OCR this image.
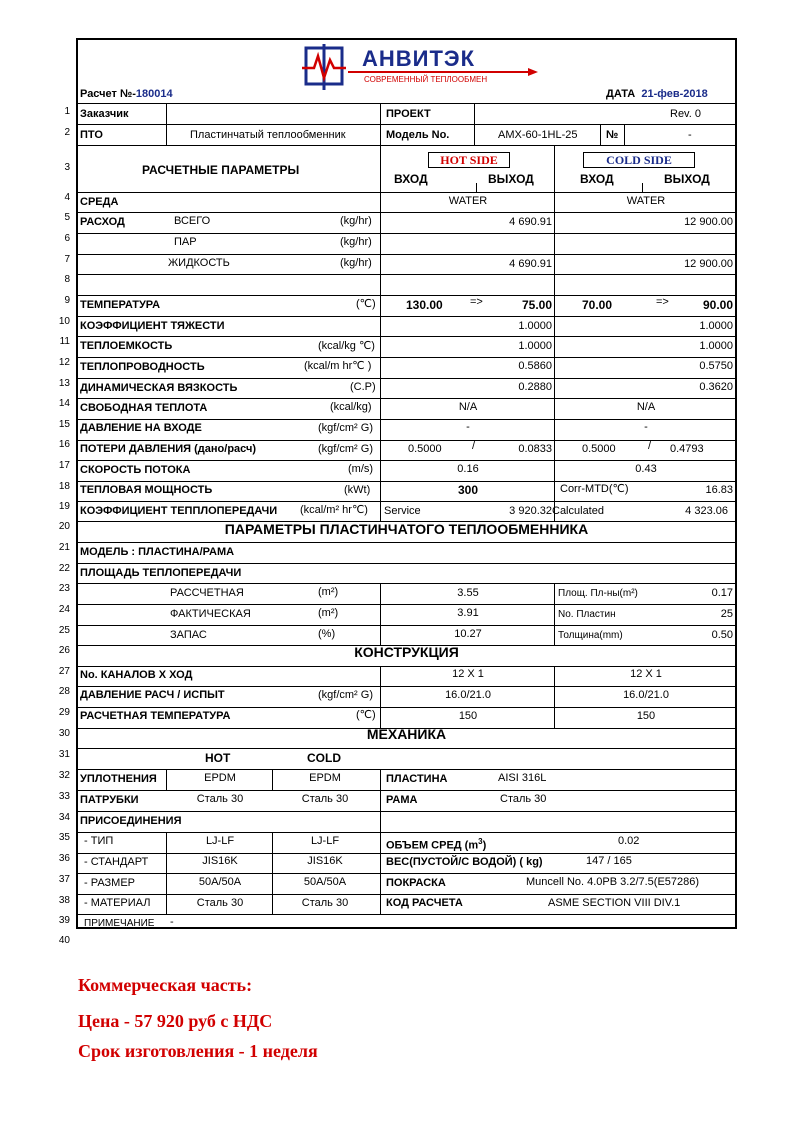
1
2
3
4
5
6
7
8
9
10
11
12
13
14
15
16
17
18
19
20
21
22
23
24
25
26
27
28
29
30
31
32
33
34
35
36
37
38
39
40
АНВИТЭК
СОВРЕМЕННЫЙ ТЕПЛООБМЕН
Расчет №-180014	ДАТА 21-фев-2018
Заказчик	ПРОЕКТ	Rev. 0
ПТО	Пластинчатый теплообменник	Модель No.	AMX-60-1HL-25	№	-
РАСЧЕТНЫЕ ПАРАМЕТРЫ
HOT SIDE	COLD SIDE
ВХОД	ВЫХОД	ВХОД	ВЫХОД
СРЕДА	WATER	WATER
РАСХОД	ВСЕГО	(kg/hr)	4 690.91	12 900.00
ПАР	(kg/hr)
ЖИДКОСТЬ	(kg/hr)	4 690.91	12 900.00
ТЕМПЕРАТУРА	(℃)	130.00 =>	75.00	70.00	=>	90.00
КОЭФФИЦИЕНТ ТЯЖЕСТИ	1.0000	1.0000
ТЕПЛОЕМКОСТЬ	(kcal/kg ℃)	1.0000	1.0000
ТЕПЛОПРОВОДНОСТЬ	(kcal/m hr℃ )	0.5860	0.5750
ДИНАМИЧЕСКАЯ ВЯЗКОСТЬ	(C.P)	0.2880	0.3620
СВОБОДНАЯ ТЕПЛОТА	(kcal/kg)	N/A	N/A
ДАВЛЕНИЕ НА ВХОДЕ	(kgf/cm² G)	-	-
ПОТЕРИ ДАВЛЕНИЯ (дано/расч)	(kgf/cm² G)	0.5000	/	0.0833	0.5000	/ 0.4793
СКОРОСТЬ ПОТОКА	(m/s)	0.16	0.43
ТЕПЛОВАЯ МОЩНОСТЬ	(kWt)	300	Corr-MTD(℃)	16.83
КОЭФФИЦИЕНТ ТЕППЛОПЕРЕДАЧИ (kcal/m² hr℃) Service	3 920.32 Calculated	4 323.06
ПАРАМЕТРЫ ПЛАСТИНЧАТОГО ТЕПЛООБМЕННИКА
МОДЕЛЬ : ПЛАСТИНА/РАМА
ПЛОЩАДЬ ТЕПЛОПЕРЕДАЧИ
РАССЧЕТНАЯ	(m²)	3.55	Площ. Пл-ны(m²)	0.17
ФАКТИЧЕСКАЯ	(m²)	3.91	No. Пластин	25
ЗАПАС	(%)	10.27	Толщина(mm)	0.50
КОНСТРУКЦИЯ
No. КАНАЛОВ X ХОД	12 X 1	12 X 1
ДАВЛЕНИЕ РАСЧ / ИСПЫТ	(kgf/cm² G)	16.0/21.0	16.0/21.0
РАСЧЕТНАЯ ТЕМПЕРАТУРА	(℃)	150	150
МЕХАНИКА
HOT	COLD
УПЛОТНЕНИЯ	EPDM	EPDM	ПЛАСТИНА	AISI 316L
ПАТРУБКИ	Сталь 30	Сталь 30	РАМА	Сталь 30
ПРИСОЕДИНЕНИЯ
- ТИП	LJ-LF	LJ-LF	ОБЪЕМ СРЕД $(m^3)$	0.02
- СТАНДАРТ	JIS16K	JIS16K	ВЕС(ПУСТОЙ/С ВОДОЙ) ( kg)	147 / 165
- РАЗМЕР	50A/50A	50A/50A	ПОКРАСКА	Muncell No. 4.0PB 3.2/7.5(E57286)
- МАТЕРИАЛ	Сталь 30	Сталь 30	КОД РАСЧЕТА	ASME SECTION VIII DIV.1
ПРИМЕЧАНИЕ -
Коммерческая часть:
Цена - 57 920 руб с НДС
Срок изготовления - 1 неделя
